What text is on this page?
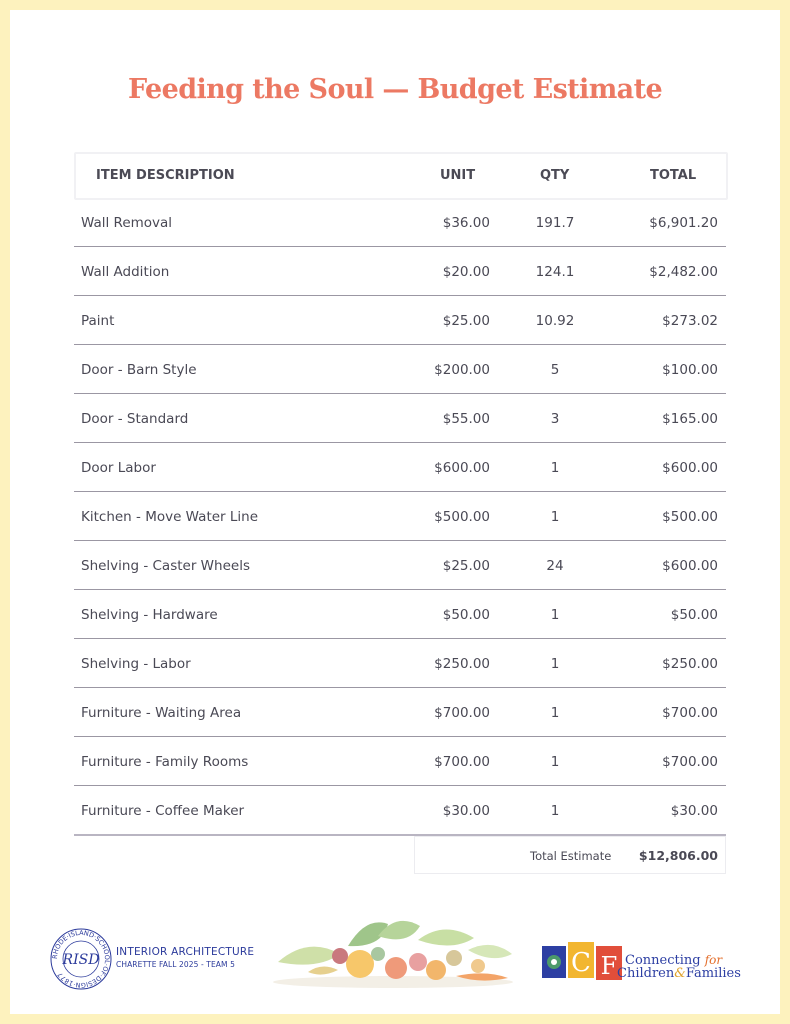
Feeding the Soul — Budget Estimate
ITEM DESCRIPTION	UNIT	QTY	TOTAL
Wall Removal	$36.00	191.7	$6,901.20
Wall Addition	$20.00	124.1	$2,482.00
Paint	$25.00	10.92	$273.02
Door - Barn Style	$200.00	5	$100.00
Door - Standard	$55.00	3	$165.00
Door Labor	$600.00	1	$600.00
Kitchen - Move Water Line	$500.00	1	$500.00
Shelving - Caster Wheels	$25.00	24	$600.00
Shelving - Hardware	$50.00	1	$50.00
Shelving - Labor	$250.00	1	$250.00
Furniture - Waiting Area	$700.00	1	$700.00
Furniture - Family Rooms	$700.00	1	$700.00
Furniture - Coffee Maker	$30.00	1	$30.00
Total Estimate $12,806.00
RHODE·ISLAND·SCHOOL·OF·DESIGN·1877
RISD INTERIOR ARCHITECTURE
CHARETTE FALL 2025 - TEAM 5	C F Connecting for
Children&Families
